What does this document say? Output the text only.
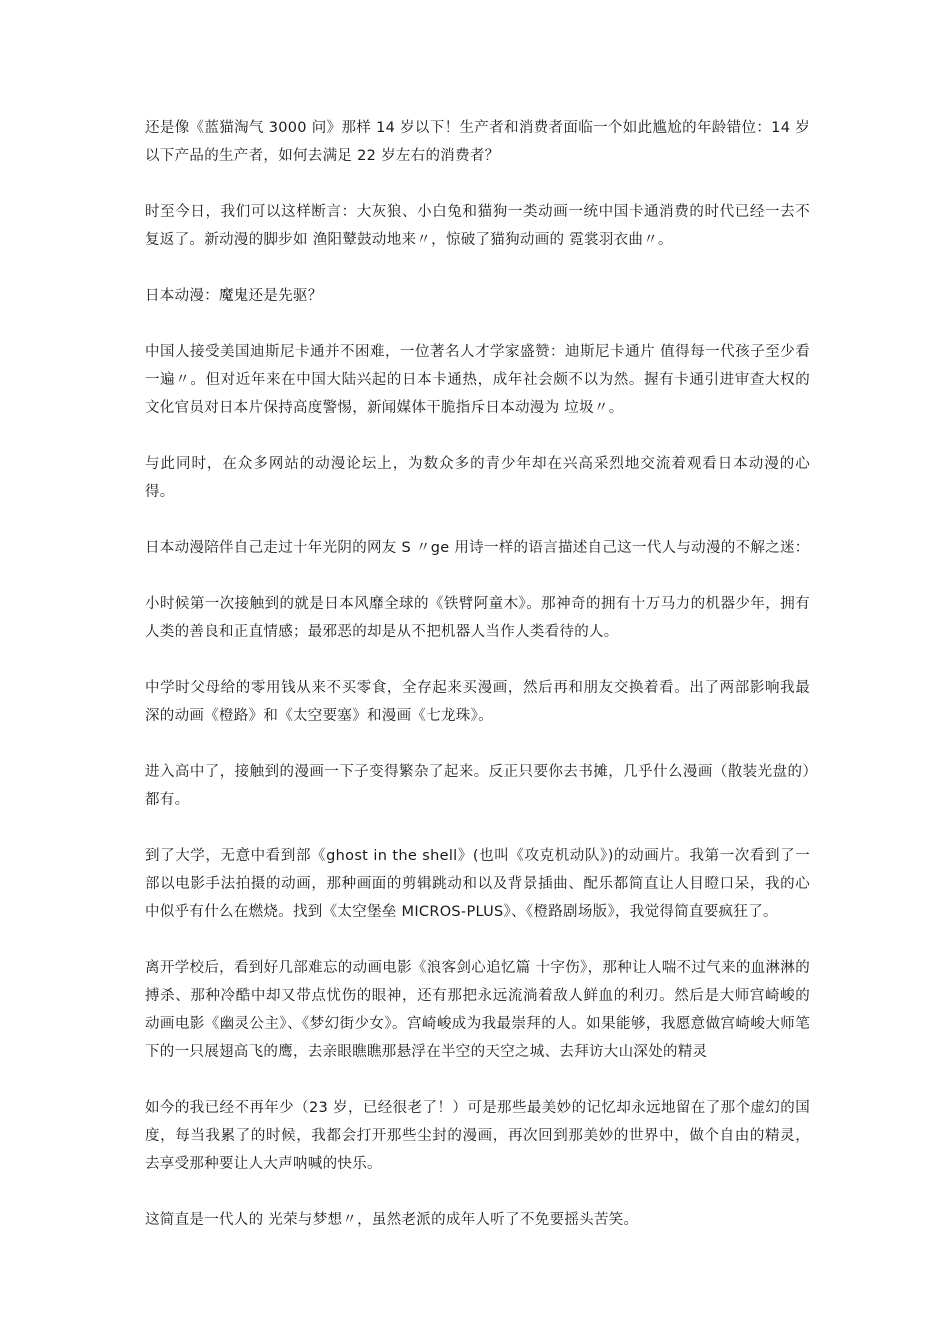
还是像《蓝猫淘气 3000 问》那样 14 岁以下！生产者和消费者面临一个如此尴尬的年龄错位：14 岁以下产品的生产者，如何去满足 22 岁左右的消费者？

时至今日，我们可以这样断言：大灰狼、小白兔和猫狗一类动画一统中国卡通消费的时代已经一去不复返了。新动漫的脚步如 渔阳鼙鼓动地来〃，惊破了猫狗动画的 霓裳羽衣曲〃。

日本动漫：魔鬼还是先驱？

中国人接受美国迪斯尼卡通并不困难，一位著名人才学家盛赞：迪斯尼卡通片 值得每一代孩子至少看一遍〃。但对近年来在中国大陆兴起的日本卡通热，成年社会颇不以为然。握有卡通引进审查大权的文化官员对日本片保持高度警惕，新闻媒体干脆指斥日本动漫为 垃圾〃。

与此同时，在众多网站的动漫论坛上，为数众多的青少年却在兴高采烈地交流着观看日本动漫的心得。

日本动漫陪伴自己走过十年光阴的网友 S 〃ge 用诗一样的语言描述自己这一代人与动漫的不解之迷：

小时候第一次接触到的就是日本风靡全球的《铁臂阿童木》。那神奇的拥有十万马力的机器少年，拥有人类的善良和正直情感；最邪恶的却是从不把机器人当作人类看待的人。

中学时父母给的零用钱从来不买零食，全存起来买漫画，然后再和朋友交换着看。出了两部影响我最深的动画《橙路》和《太空要塞》和漫画《七龙珠》。

进入高中了，接触到的漫画一下子变得繁杂了起来。反正只要你去书摊，几乎什么漫画（散装光盘的）都有。

到了大学，无意中看到部《ghost in the shell》(也叫《攻克机动队》)的动画片。我第一次看到了一部以电影手法拍摄的动画，那种画面的剪辑跳动和以及背景插曲、配乐都简直让人目瞪口呆，我的心中似乎有什么在燃烧。找到《太空堡垒 MICROS-PLUS》、《橙路剧场版》，我觉得简直要疯狂了。

离开学校后，看到好几部难忘的动画电影《浪客剑心追忆篇 十字伤》，那种让人喘不过气来的血淋淋的搏杀、那种冷酷中却又带点忧伤的眼神，还有那把永远流淌着敌人鲜血的利刃。然后是大师宫崎峻的动画电影《幽灵公主》、《梦幻街少女》。宫崎峻成为我最崇拜的人。如果能够，我愿意做宫崎峻大师笔下的一只展翅高飞的鹰，去亲眼瞧瞧那悬浮在半空的天空之城、去拜访大山深处的精灵

如今的我已经不再年少（23 岁，已经很老了！）可是那些最美妙的记忆却永远地留在了那个虚幻的国度，每当我累了的时候，我都会打开那些尘封的漫画，再次回到那美妙的世界中，做个自由的精灵，去享受那种要让人大声呐喊的快乐。

这简直是一代人的 光荣与梦想〃，虽然老派的成年人听了不免要摇头苦笑。
